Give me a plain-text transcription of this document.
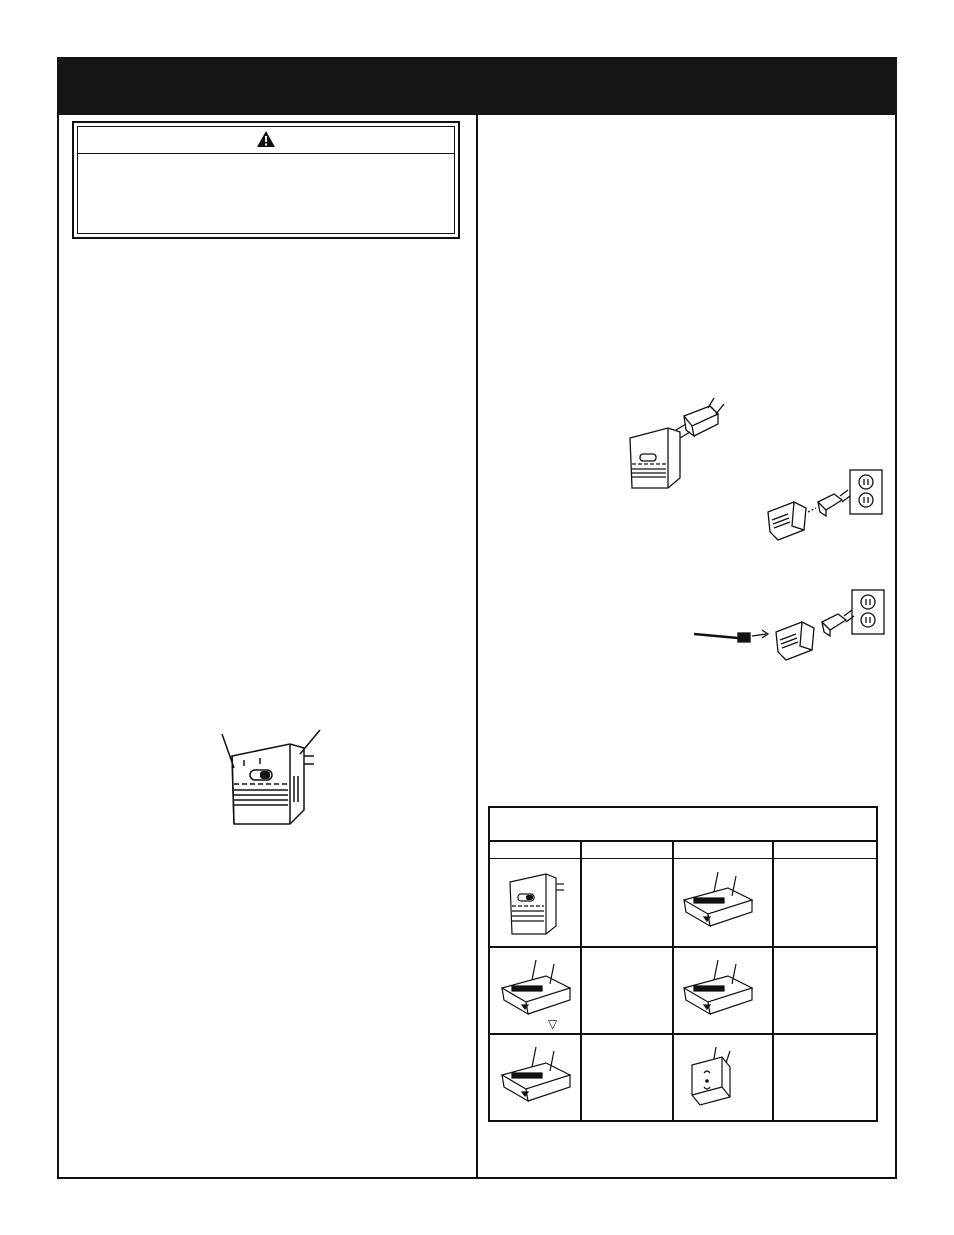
▽
